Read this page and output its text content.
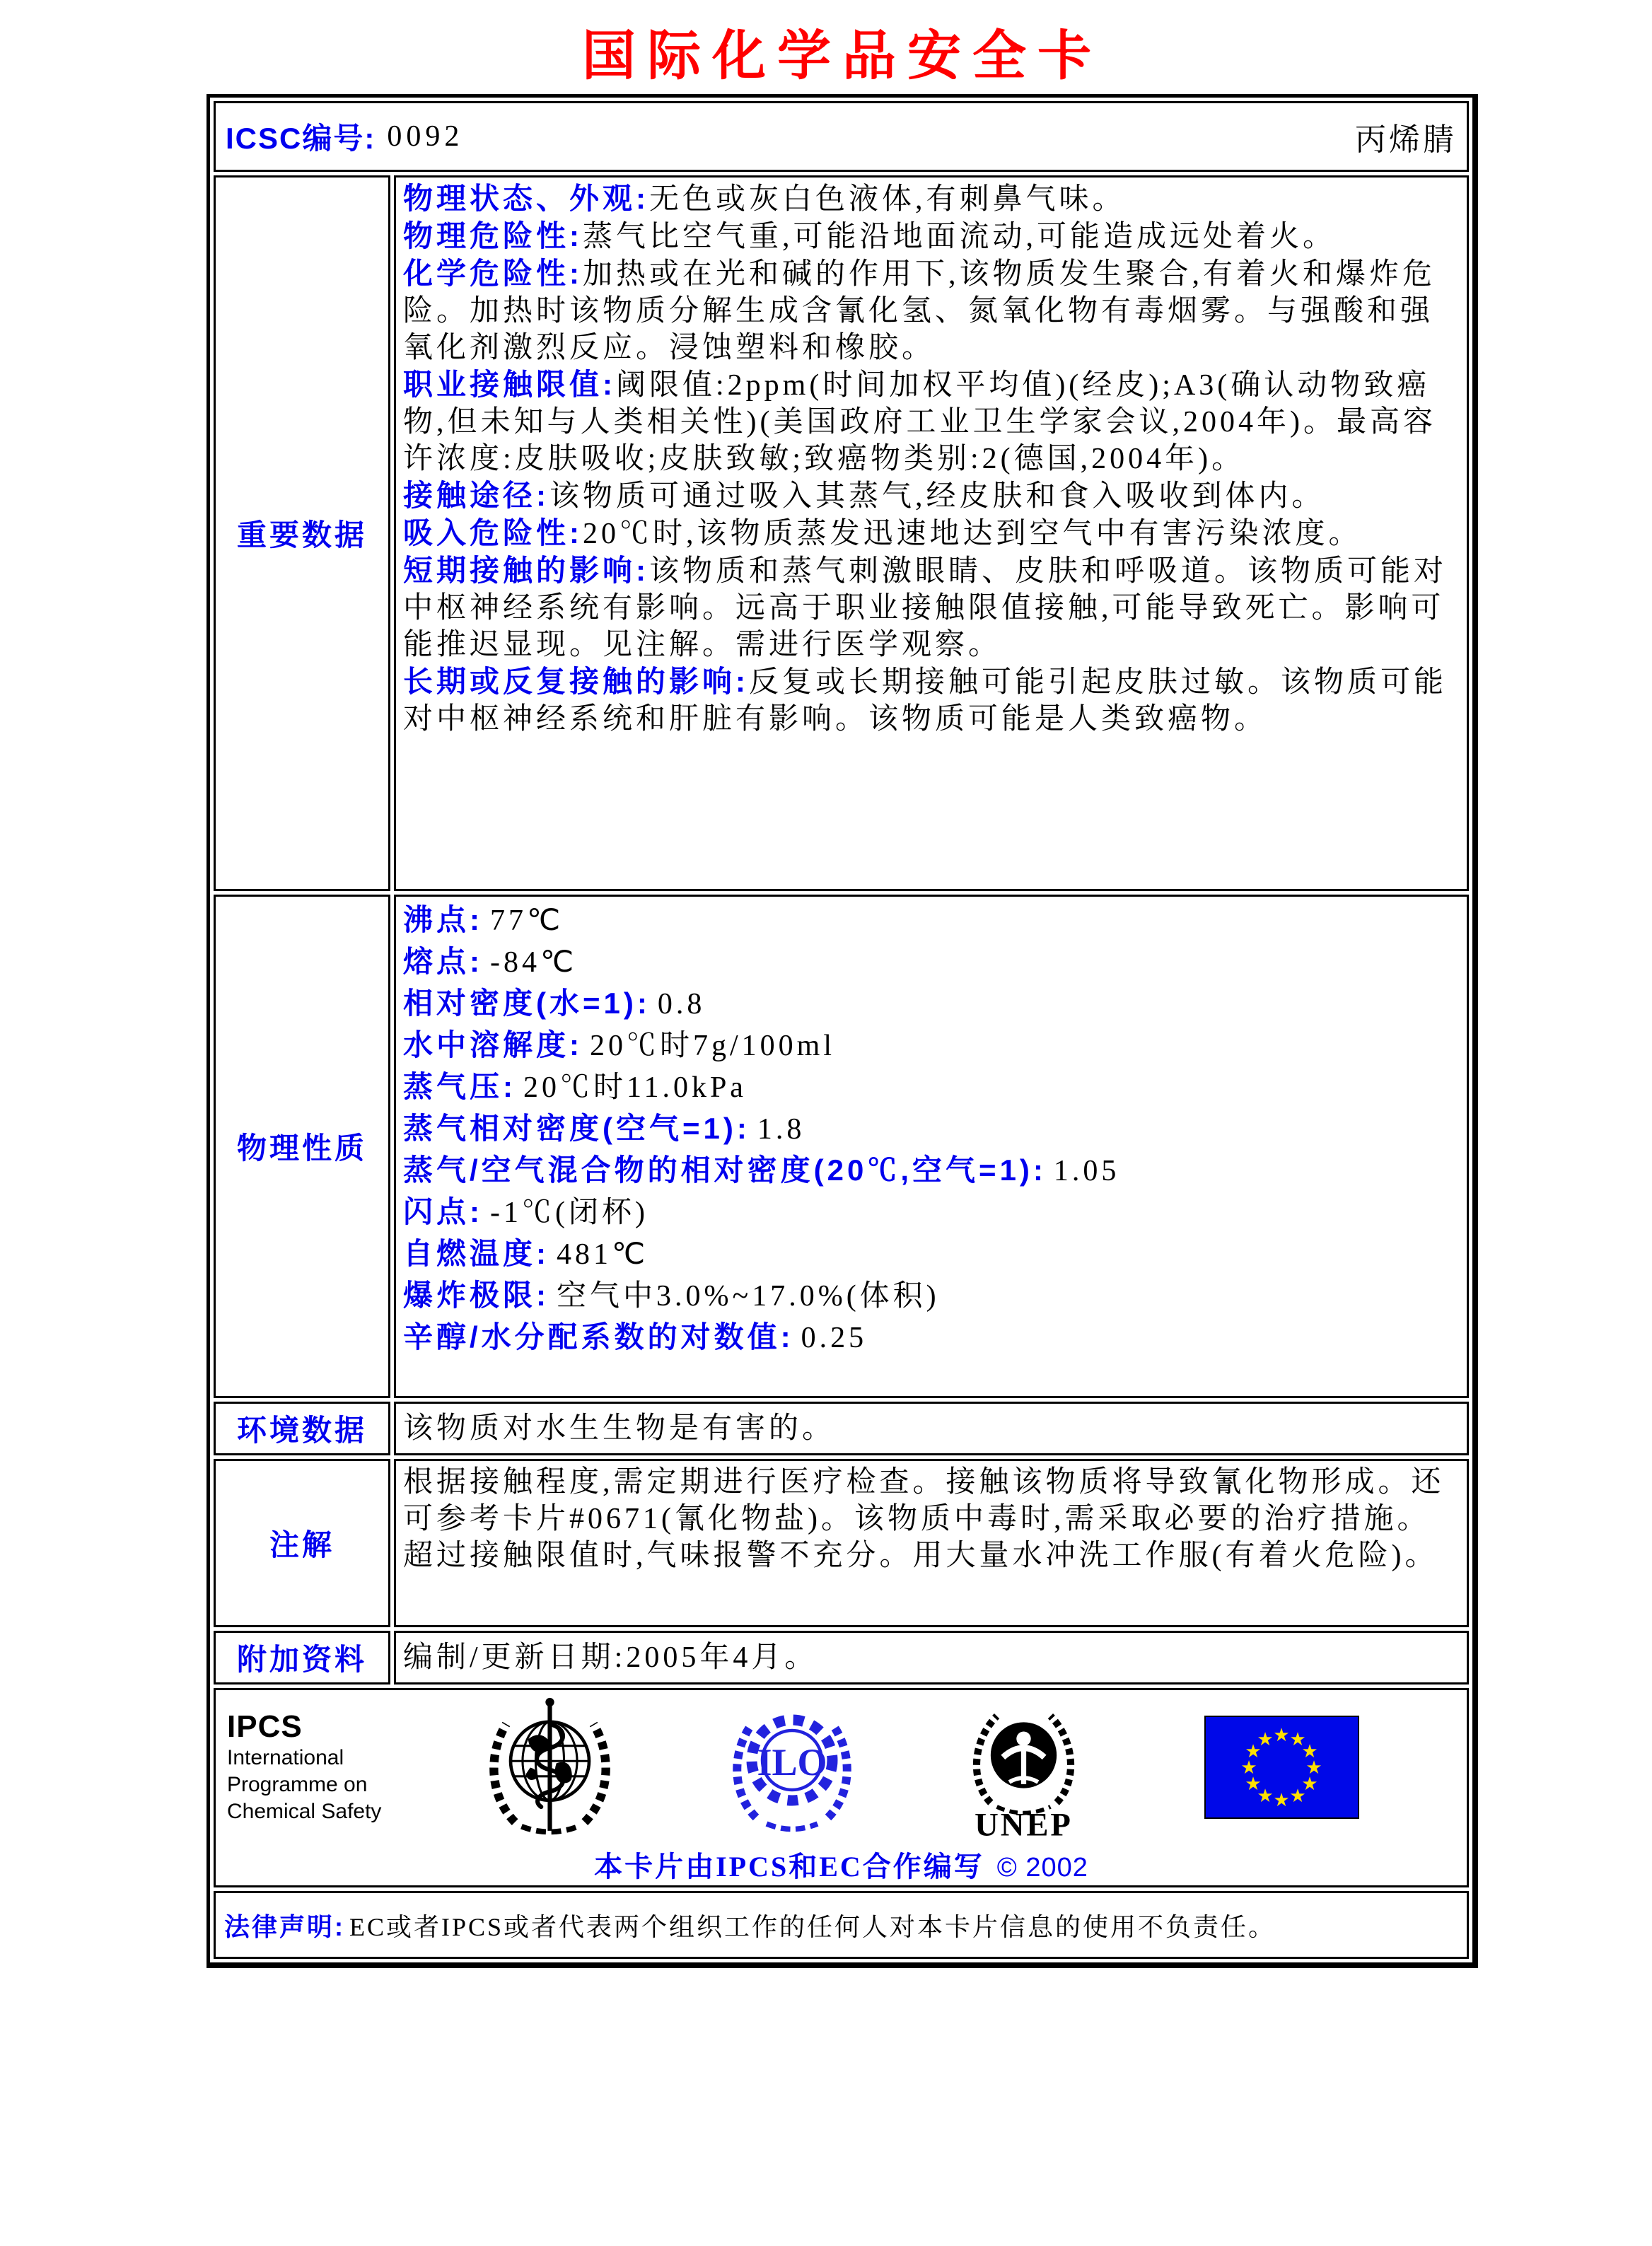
国际化学品安全卡
ICSC编号: 0092	丙烯腈
重要数据

物理状态、外观:无色或灰白色液体,有刺鼻气味。

物理危险性:蒸气比空气重,可能沿地面流动,可能造成远处着火。

化学危险性:加热或在光和碱的作用下,该物质发生聚合,有着火和爆炸危险。加热时该物质分解生成含氰化氢、氮氧化物有毒烟雾。与强酸和强氧化剂激烈反应。浸蚀塑料和橡胶。

职业接触限值:阈限值:2ppm(时间加权平均值)(经皮);A3(确认动物致癌物,但未知与人类相关性)(美国政府工业卫生学家会议,2004年)。最高容许浓度:皮肤吸收;皮肤致敏;致癌物类别:2(德国,2004年)。

接触途径:该物质可通过吸入其蒸气,经皮肤和食入吸收到体内。

吸入危险性:20℃时,该物质蒸发迅速地达到空气中有害污染浓度。

短期接触的影响:该物质和蒸气刺激眼睛、皮肤和呼吸道。该物质可能对中枢神经系统有影响。远高于职业接触限值接触,可能导致死亡。影响可能推迟显现。见注解。需进行医学观察。

长期或反复接触的影响:反复或长期接触可能引起皮肤过敏。该物质可能对中枢神经系统和肝脏有影响。该物质可能是人类致癌物。

物理性质
沸点: 77℃
熔点: -84℃
相对密度(水=1): 0.8
水中溶解度: 20℃时7g/100ml
蒸气压: 20℃时11.0kPa
蒸气相对密度(空气=1): 1.8
蒸气/空气混合物的相对密度(20℃,空气=1): 1.05
闪点: -1℃(闭杯)
自燃温度: 481℃
爆炸极限: 空气中3.0%~17.0%(体积)
辛醇/水分配系数的对数值: 0.25
环境数据	该物质对水生生物是有害的。
注解

根据接触程度,需定期进行医疗检查。接触该物质将导致氰化物形成。还可参考卡片#0671(氰化物盐)。该物质中毒时,需采取必要的治疗措施。超过接触限值时,气味报警不充分。用大量水冲洗工作服(有着火危险)。

附加资料	编制/更新日期:2005年4月。
IPCS
International
Programme on
Chemical Safety
ILO
UNEP
★ ★
★
★
★
★
★
★
★
★
★
★
本卡片由IPCS和EC合作编写 © 2002
法律声明: EC或者IPCS或者代表两个组织工作的任何人对本卡片信息的使用不负责任。
